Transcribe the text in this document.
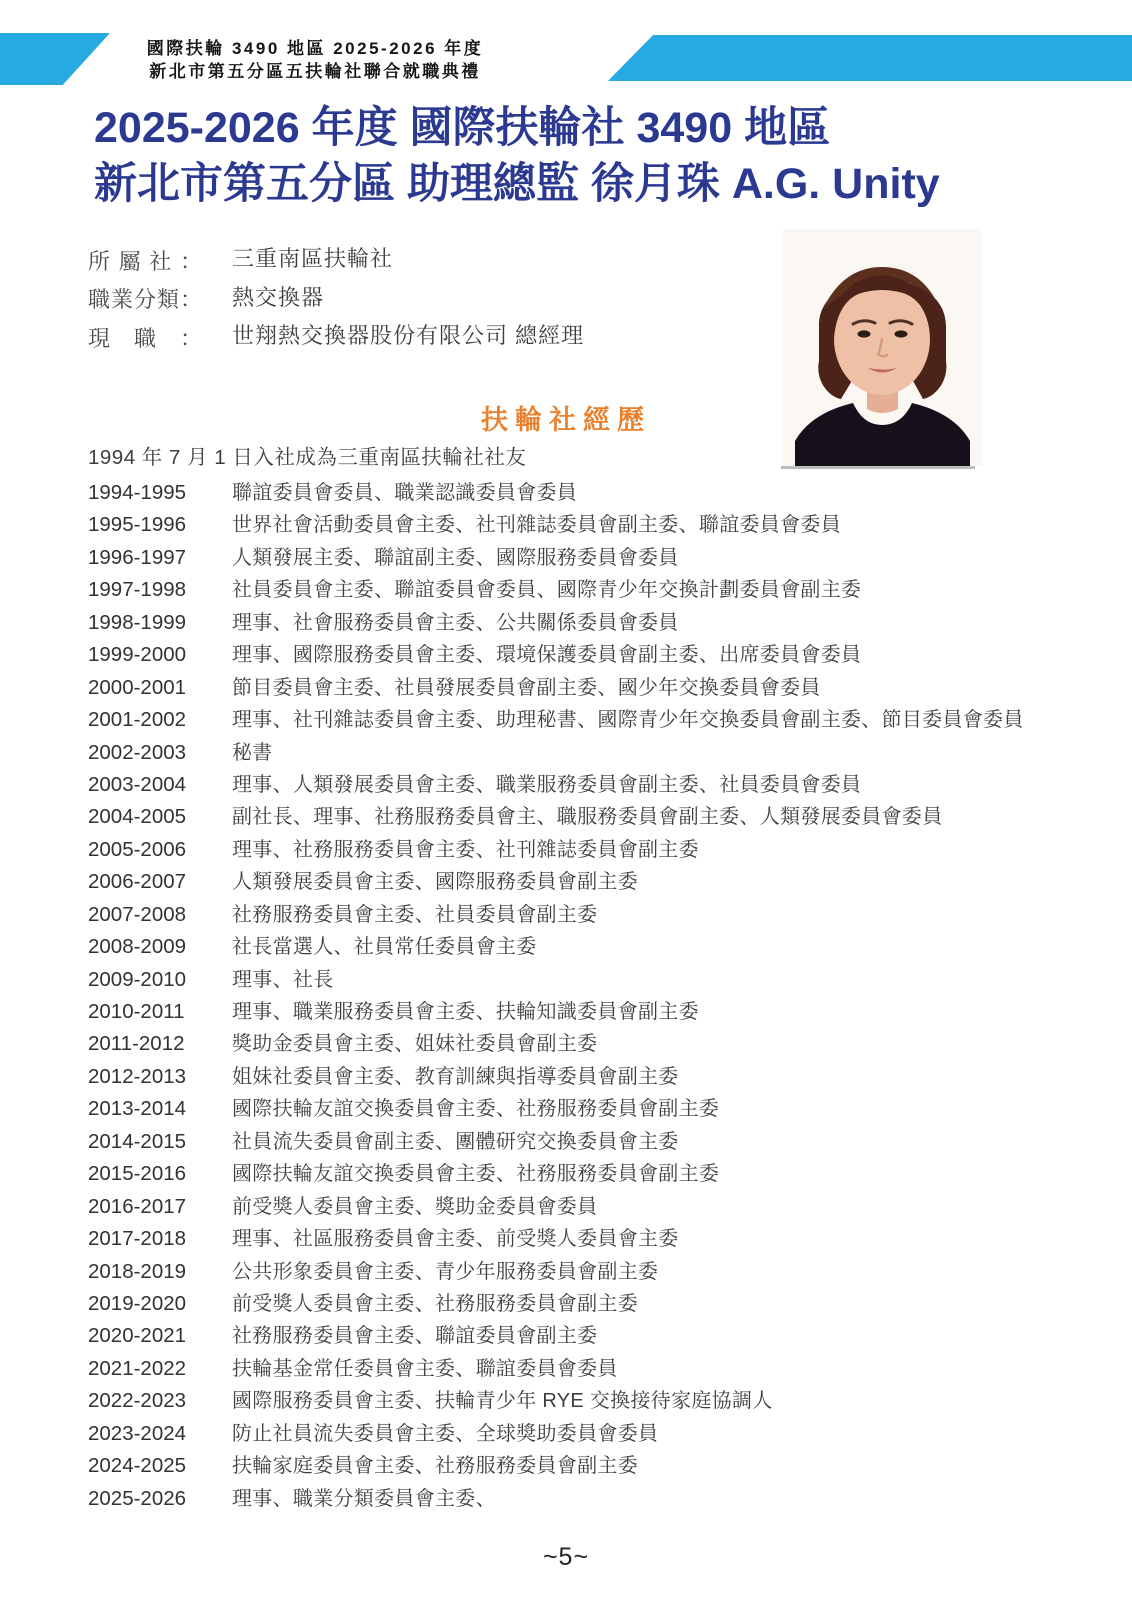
國際扶輪 3490 地區 2025-2026 年度
新北市第五分區五扶輪社聯合就職典禮
2025-2026 年度 國際扶輪社 3490 地區
新北市第五分區 助理總監 徐月珠 A.G. Unity
所屬社： 三重南區扶輪社
職業分類： 熱交換器
現職： 世翔熱交換器股份有限公司 總經理
扶輪社經歷
1994 年 7 月 1 日入社成為三重南區扶輪社社友
1994-1995 聯誼委員會委員、職業認識委員會委員
1995-1996 世界社會活動委員會主委、社刊雜誌委員會副主委、聯誼委員會委員
1996-1997 人類發展主委、聯誼副主委、國際服務委員會委員
1997-1998 社員委員會主委、聯誼委員會委員、國際青少年交換計劃委員會副主委
1998-1999 理事、社會服務委員會主委、公共關係委員會委員
1999-2000 理事、國際服務委員會主委、環境保護委員會副主委、出席委員會委員
2000-2001 節目委員會主委、社員發展委員會副主委、國少年交換委員會委員
2001-2002 理事、社刊雜誌委員會主委、助理秘書、國際青少年交換委員會副主委、節目委員會委員
2002-2003 秘書
2003-2004 理事、人類發展委員會主委、職業服務委員會副主委、社員委員會委員
2004-2005 副社長、理事、社務服務委員會主、職服務委員會副主委、人類發展委員會委員
2005-2006 理事、社務服務委員會主委、社刊雜誌委員會副主委
2006-2007 人類發展委員會主委、國際服務委員會副主委
2007-2008 社務服務委員會主委、社員委員會副主委
2008-2009 社長當選人、社員常任委員會主委
2009-2010 理事、社長
2010-2011 理事、職業服務委員會主委、扶輪知識委員會副主委
2011-2012 獎助金委員會主委、姐妹社委員會副主委
2012-2013 姐妹社委員會主委、教育訓練與指導委員會副主委
2013-2014 國際扶輪友誼交換委員會主委、社務服務委員會副主委
2014-2015 社員流失委員會副主委、團體研究交換委員會主委
2015-2016 國際扶輪友誼交換委員會主委、社務服務委員會副主委
2016-2017 前受獎人委員會主委、獎助金委員會委員
2017-2018 理事、社區服務委員會主委、前受獎人委員會主委
2018-2019 公共形象委員會主委、青少年服務委員會副主委
2019-2020 前受獎人委員會主委、社務服務委員會副主委
2020-2021 社務服務委員會主委、聯誼委員會副主委
2021-2022 扶輪基金常任委員會主委、聯誼委員會委員
2022-2023 國際服務委員會主委、扶輪青少年 RYE 交換接待家庭協調人
2023-2024 防止社員流失委員會主委、全球獎助委員會委員
2024-2025 扶輪家庭委員會主委、社務服務委員會副主委
2025-2026 理事、職業分類委員會主委、
~5~
